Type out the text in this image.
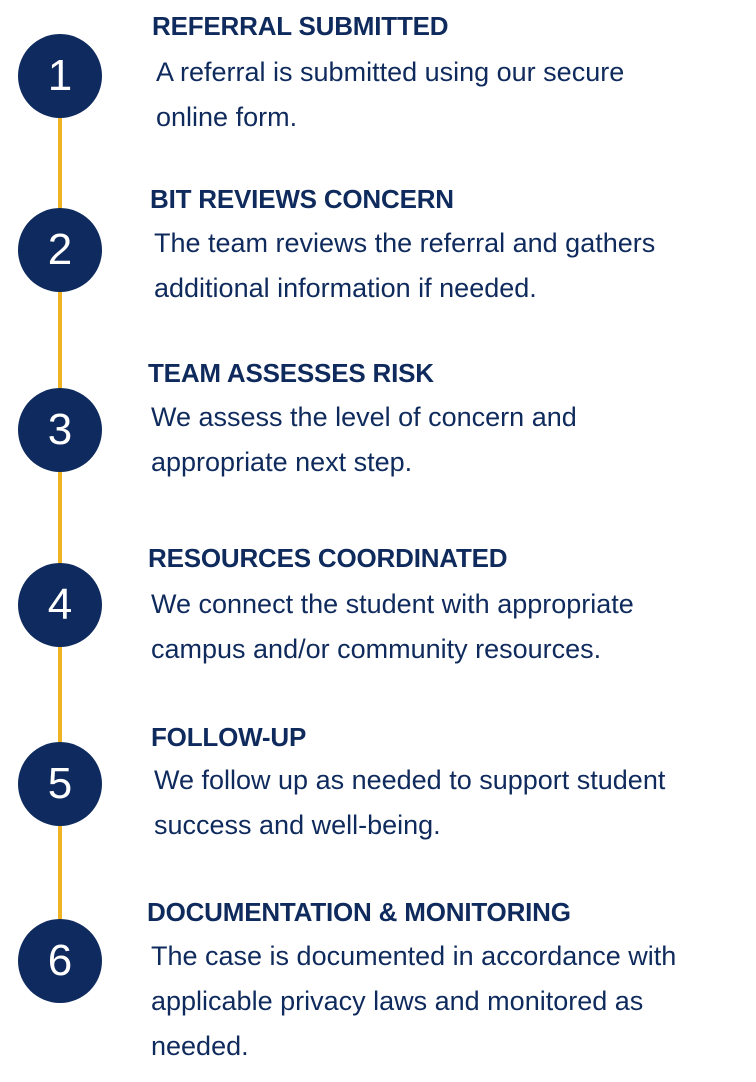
1
REFERRAL SUBMITTED
A referral is submitted using our secure
online form.
2
BIT REVIEWS CONCERN
The team reviews the referral and gathers
additional information if needed.
3
TEAM ASSESSES RISK
We assess the level of concern and
appropriate next step.
4
RESOURCES COORDINATED
We connect the student with appropriate
campus and/or community resources.
5
FOLLOW-UP
We follow up as needed to support student
success and well-being.
6
DOCUMENTATION & MONITORING
The case is documented in accordance with
applicable privacy laws and monitored as
needed.
